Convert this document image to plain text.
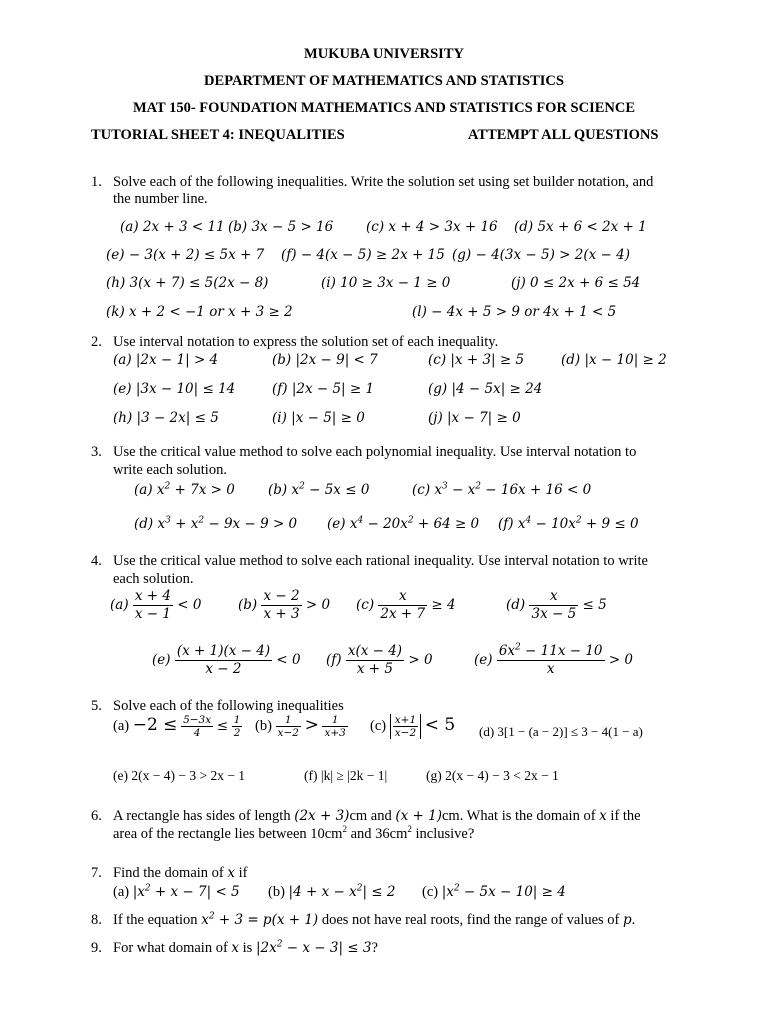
MUKUBA UNIVERSITY
DEPARTMENT OF MATHEMATICS AND STATISTICS
MAT 150- FOUNDATION MATHEMATICS AND STATISTICS FOR SCIENCE
TUTORIAL SHEET 4: INEQUALITIES	ATTEMPT ALL QUESTIONS
1. Solve each of the following inequalities. Write the solution set using set builder notation, and
the number line.
(a) 2x + 3 < 11 (b) 3x − 5 > 16 (c) x + 4 > 3x + 16 (d) 5x + 6 < 2x + 1
(e) − 3(x + 2) ≤ 5x + 7 (f) − 4(x − 5) ≥ 2x + 15 (g) − 4(3x − 5) > 2(x − 4)
(h) 3(x + 7) ≤ 5(2x − 8)	(i) 10 ≥ 3x − 1 ≥ 0	(j) 0 ≤ 2x + 6 ≤ 54
(k) x + 2 < −1 or x + 3 ≥ 2	(l) − 4x + 5 > 9 or 4x + 1 < 5
2. Use interval notation to express the solution set of each inequality.
(a) |2x − 1| > 4	(b) |2x − 9| < 7	(c) |x + 3| ≥ 5	(d) |x − 10| ≥ 2
(e) |3x − 10| ≤ 14	(f) |2x − 5| ≥ 1	(g) |4 − 5x| ≥ 24
(h) |3 − 2x| ≤ 5	(i) |x − 5| ≥ 0	(j) |x − 7| ≥ 0
3. Use the critical value method to solve each polynomial inequality. Use interval notation to
write each solution.
(a) $x^2 + 7x > 0$ (b) $x^2 - 5x \le 0$	(c) $x^3 - x^2 - 16x + 16 < 0$
(d) $x^3 + x^2 - 9x - 9 > 0$ (e) $x^4 - 20x^2 + 64 \ge 0$ (f) $x^4 - 10x^2 + 9 \le 0$
4. Use the critical value method to solve each rational inequality. Use interval notation to write
each solution.
$(a) \frac{x + 4}{x - 1} < 0$	$(b) \frac{x - 2}{x + 3} > 0$ $(c) \frac{x}{2x + 7} \ge 4$	$(d) \frac{x}{3x - 5} \le 5$
$(e) \frac{(x + 1)(x - 4)}{x - 2} < 0$ $(f) \frac{x(x - 4)}{x + 5} > 0$	$(e) \frac{6x^2 - 11x - 10}{x} > 0$
5. Solve each of the following inequalities
$(a) -2 \le \frac{5-3x}{4} \le \frac{1}{2} (b) \frac{1}{x-2} > \frac{1}{x+3} (c) \frac{x+1}{x-2} < 5$ (d) 3[1 − (a − 2)] ≤ 3 − 4(1 − a)
(e) 2(x − 4) − 3 > 2x − 1	(f) |k| ≥ |2k − 1|	(g) 2(x − 4) − 3 < 2x − 1
6. A rectangle has sides of length (2x + 3)cm and (x + 1)cm. What is the domain of x if the
area of the rectangle lies between $10cm^2$ and $36cm^2$ inclusive?
7. Find the domain of x if
(a) $|x^2 + x - 7| < 5$ (b) $|4 + x - x^2| \le 2$ (c) $|x^2 - 5x - 10| \ge 4$
8. If the equation $x^2 + 3 = p(x + 1)$ does not have real roots, find the range of values of p.
9. For what domain of x is $|2x^2 - x - 3| \le 3$?
